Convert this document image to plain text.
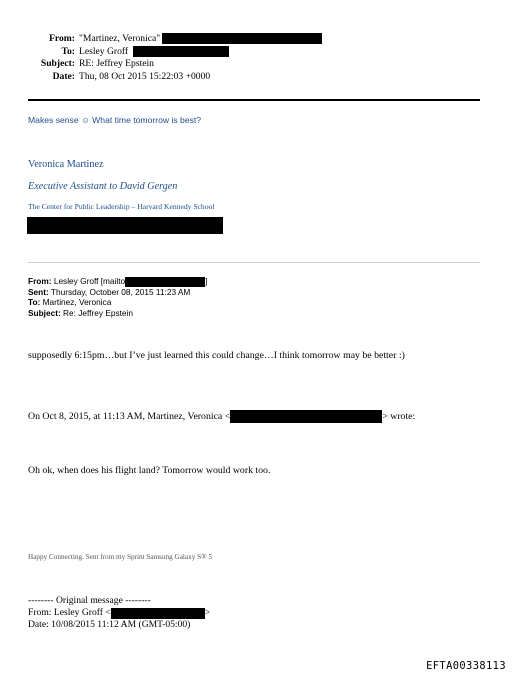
From: "Martinez, Veronica"
To: Lesley Groff
Subject: RE: Jeffrey Epstein
Date: Thu, 08 Oct 2015 15:22:03 +0000
Makes sense ☺ What time tomorrow is best?
Veronica Martinez
Executive Assistant to David Gergen
The Center for Public Leadership – Harvard Kennedy School
From: Lesley Groff [mailto	]
Sent: Thursday, October 08, 2015 11:23 AM
To: Martinez, Veronica
Subject: Re: Jeffrey Epstein
supposedly 6:15pm…but I’ve just learned this could change…I think tomorrow may be better :)
On Oct 8, 2015, at 11:13 AM, Martinez, Veronica <	> wrote:
Oh ok, when does his flight land? Tomorrow would work too.
Happy Connecting. Sent from my Sprint Samsung Galaxy S® 5
-------- Original message --------
From: Lesley Groff <	>
Date: 10/08/2015 11:12 AM (GMT-05:00)
EFTA00338113
